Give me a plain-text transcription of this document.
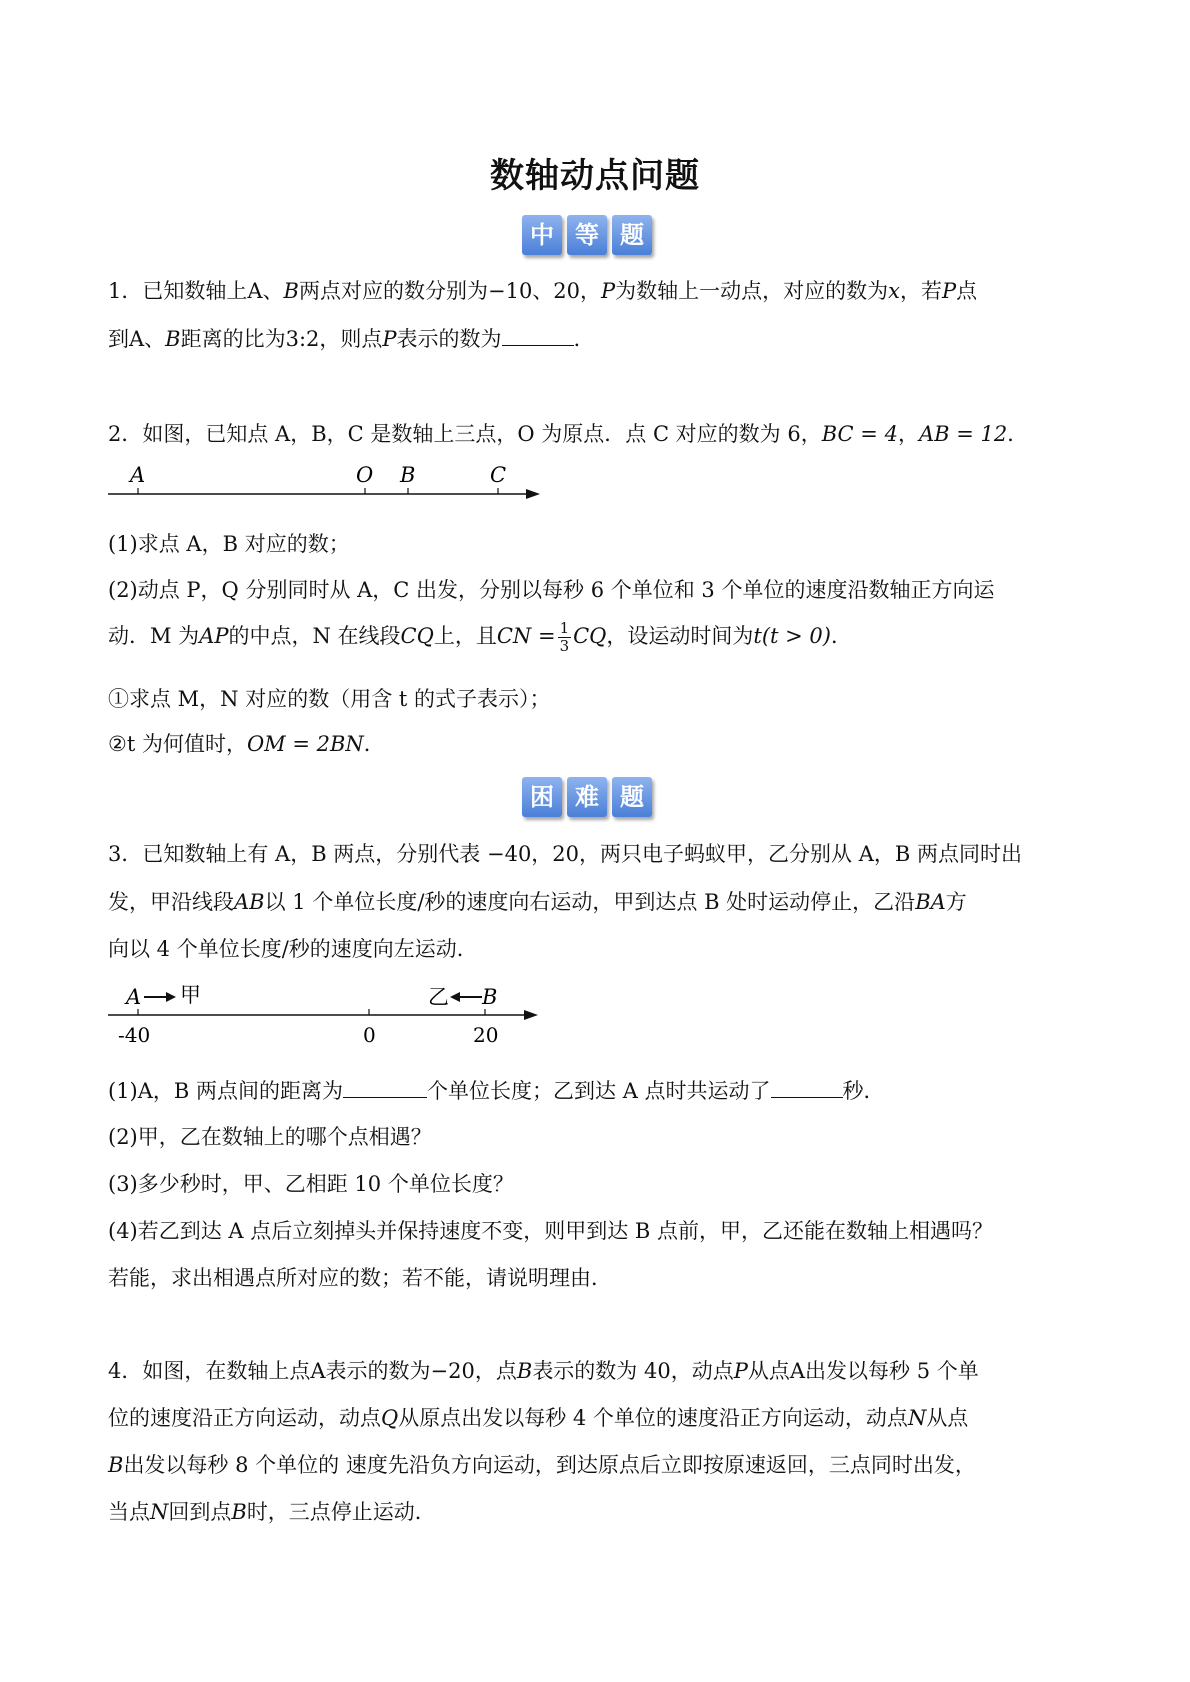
数轴动点问题
中 等 题
1．已知数轴上A、B两点对应的数分别为−10、20，P为数轴上一动点，对应的数为x，若P点
到A、B距离的比为3:2，则点P表示的数为	.
2．如图，已知点 A，B，C 是数轴上三点，O 为原点．点 C 对应的数为 6，BC = 4，AB = 12．
A	O B	C
(1)求点 A，B 对应的数；
(2)动点 P，Q 分别同时从 A，C 出发，分别以每秒 6 个单位和 3 个单位的速度沿数轴正方向运
动．M 为AP的中点，N 在线段CQ上，且CN = $\frac{1}{3}$ CQ，设运动时间为t(t > 0)．
①求点 M，N 对应的数（用含 t 的式子表示）；
②t 为何值时，OM = 2BN．
困 难 题
3．已知数轴上有 A，B 两点，分别代表 −40，20，两只电子蚂蚁甲，乙分别从 A，B 两点同时出
发，甲沿线段AB以 1 个单位长度/秒的速度向右运动，甲到达点 B 处时运动停止，乙沿BA方
向以 4 个单位长度/秒的速度向左运动．
A 甲	乙 B
-40	0	20
(1)A，B 两点间的距离为	个单位长度；乙到达 A 点时共运动了	秒．
(2)甲，乙在数轴上的哪个点相遇？
(3)多少秒时，甲、乙相距 10 个单位长度？
(4)若乙到达 A 点后立刻掉头并保持速度不变，则甲到达 B 点前，甲，乙还能在数轴上相遇吗？
若能，求出相遇点所对应的数；若不能，请说明理由．
4．如图，在数轴上点A表示的数为−20，点B表示的数为 40，动点P从点A出发以每秒 5 个单
位的速度沿正方向运动，动点Q从原点出发以每秒 4 个单位的速度沿正方向运动，动点N从点
B出发以每秒 8 个单位的 速度先沿负方向运动，到达原点后立即按原速返回，三点同时出发，
当点N回到点B时，三点停止运动．
